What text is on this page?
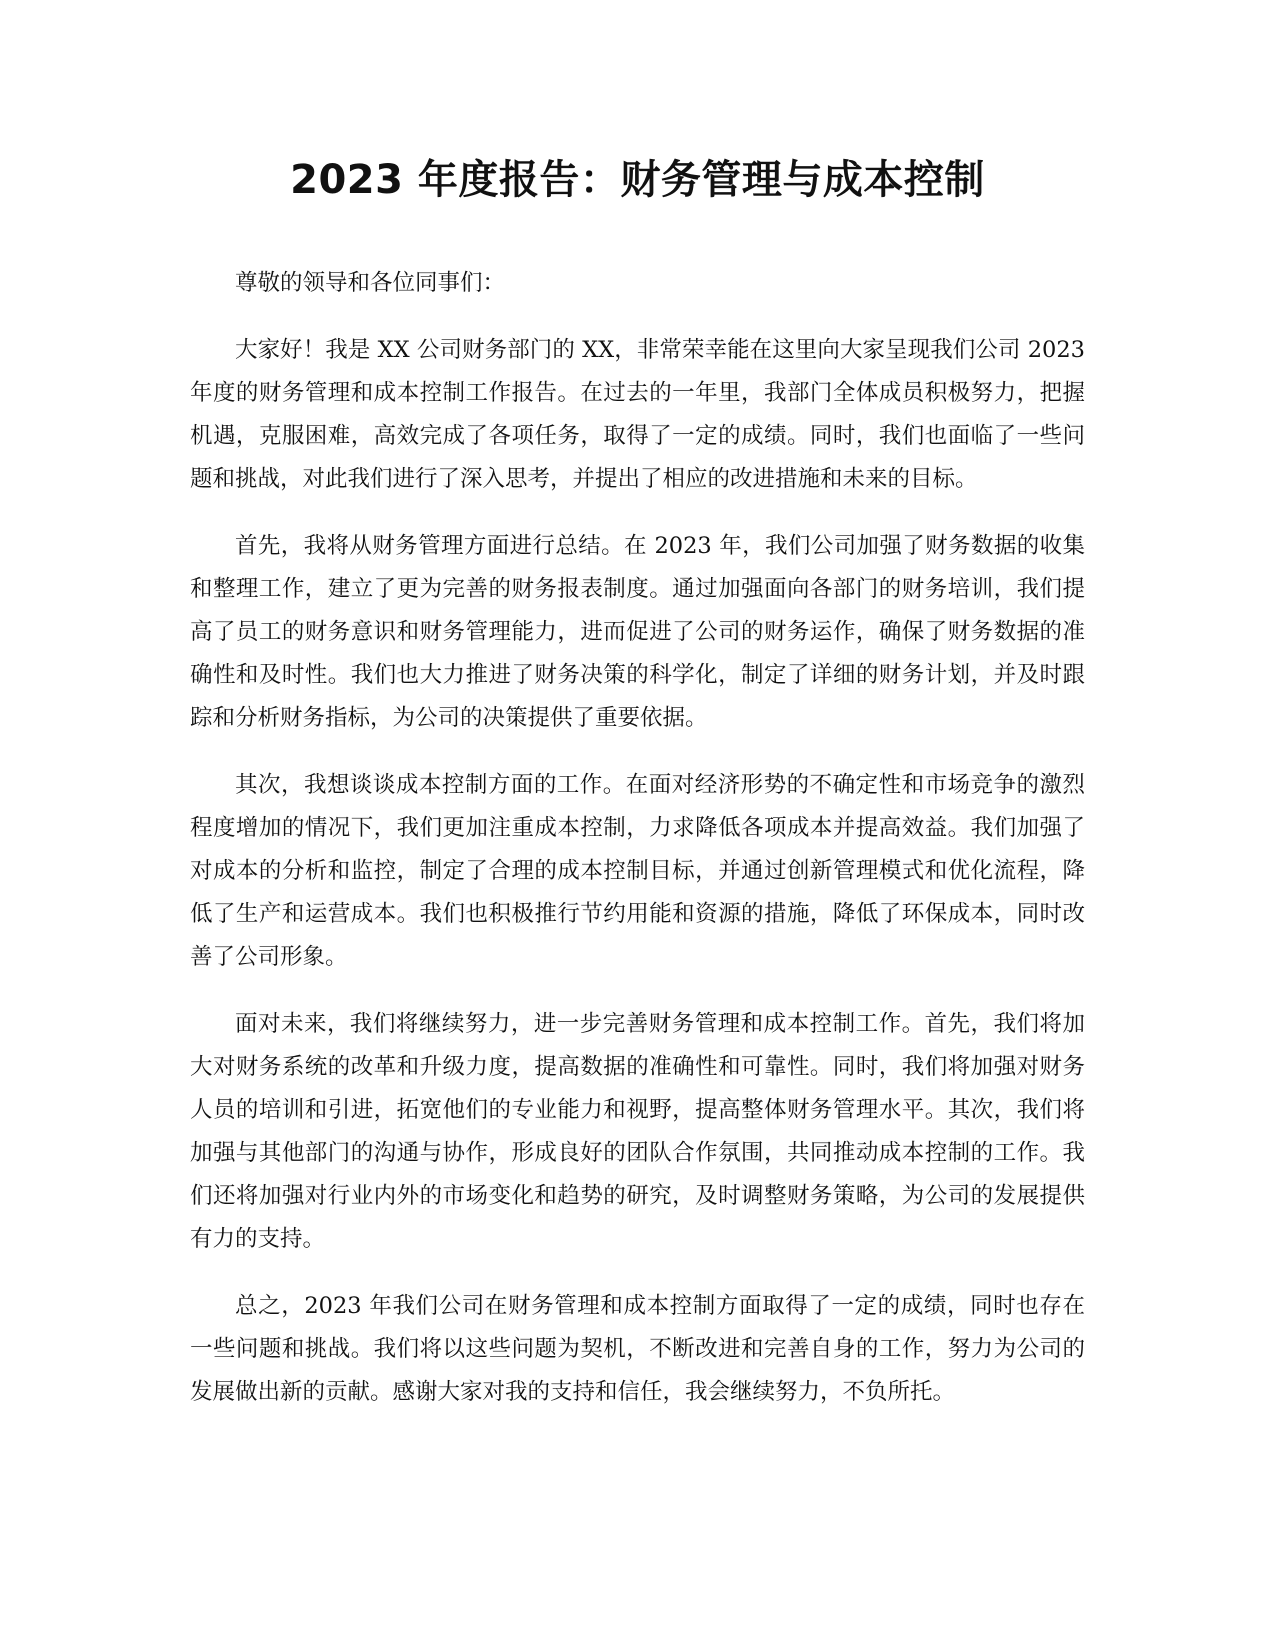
2023 年度报告：财务管理与成本控制

尊敬的领导和各位同事们：

大家好！我是 XX 公司财务部门的 XX，非常荣幸能在这里向大家呈现我们公司 2023 年度的财务管理和成本控制工作报告。在过去的一年里，我部门全体成员积极努力，把握机遇，克服困难，高效完成了各项任务，取得了一定的成绩。同时，我们也面临了一些问题和挑战，对此我们进行了深入思考，并提出了相应的改进措施和未来的目标。

首先，我将从财务管理方面进行总结。在 2023 年，我们公司加强了财务数据的收集和整理工作，建立了更为完善的财务报表制度。通过加强面向各部门的财务培训，我们提高了员工的财务意识和财务管理能力，进而促进了公司的财务运作，确保了财务数据的准确性和及时性。我们也大力推进了财务决策的科学化，制定了详细的财务计划，并及时跟踪和分析财务指标，为公司的决策提供了重要依据。

其次，我想谈谈成本控制方面的工作。在面对经济形势的不确定性和市场竞争的激烈程度增加的情况下，我们更加注重成本控制，力求降低各项成本并提高效益。我们加强了对成本的分析和监控，制定了合理的成本控制目标，并通过创新管理模式和优化流程，降低了生产和运营成本。我们也积极推行节约用能和资源的措施，降低了环保成本，同时改善了公司形象。

面对未来，我们将继续努力，进一步完善财务管理和成本控制工作。首先，我们将加大对财务系统的改革和升级力度，提高数据的准确性和可靠性。同时，我们将加强对财务人员的培训和引进，拓宽他们的专业能力和视野，提高整体财务管理水平。其次，我们将加强与其他部门的沟通与协作，形成良好的团队合作氛围，共同推动成本控制的工作。我们还将加强对行业内外的市场变化和趋势的研究，及时调整财务策略，为公司的发展提供有力的支持。

总之，2023 年我们公司在财务管理和成本控制方面取得了一定的成绩，同时也存在一些问题和挑战。我们将以这些问题为契机，不断改进和完善自身的工作，努力为公司的发展做出新的贡献。感谢大家对我的支持和信任，我会继续努力，不负所托。
